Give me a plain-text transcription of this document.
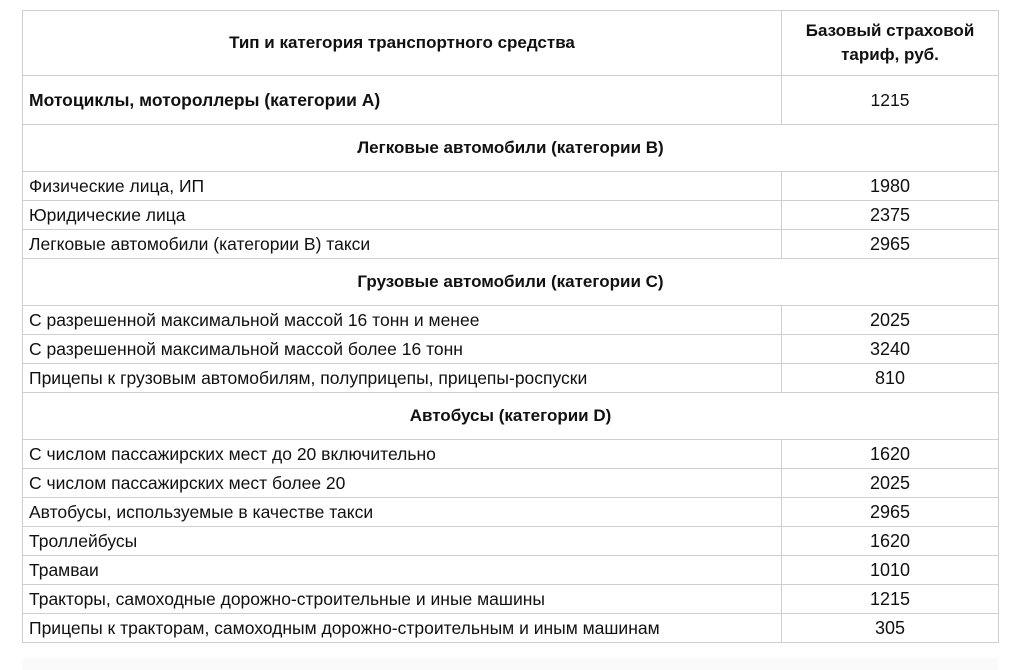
Тип и категория транспортного средства	Базовый страховой
тариф, руб.
Мотоциклы, мотороллеры (категории А)	1215
Легковые автомобили (категории В)	
Физические лица, ИП	1980
Юридические лица	2375
Легковые автомобили (категории В) такси	2965
Грузовые автомобили (категории С)	
С разрешенной максимальной массой 16 тонн и менее	2025
С разрешенной максимальной массой более 16 тонн	3240
Прицепы к грузовым автомобилям, полуприцепы, прицепы-роспуски	810
Автобусы (категории D)	
С числом пассажирских мест до 20 включительно	1620
С числом пассажирских мест более 20	2025
Автобусы, используемые в качестве такси	2965
Троллейбусы	1620
Трамваи	1010
Тракторы, самоходные дорожно-строительные и иные машины	1215
Прицепы к тракторам, самоходным дорожно-строительным и иным машинам	305
